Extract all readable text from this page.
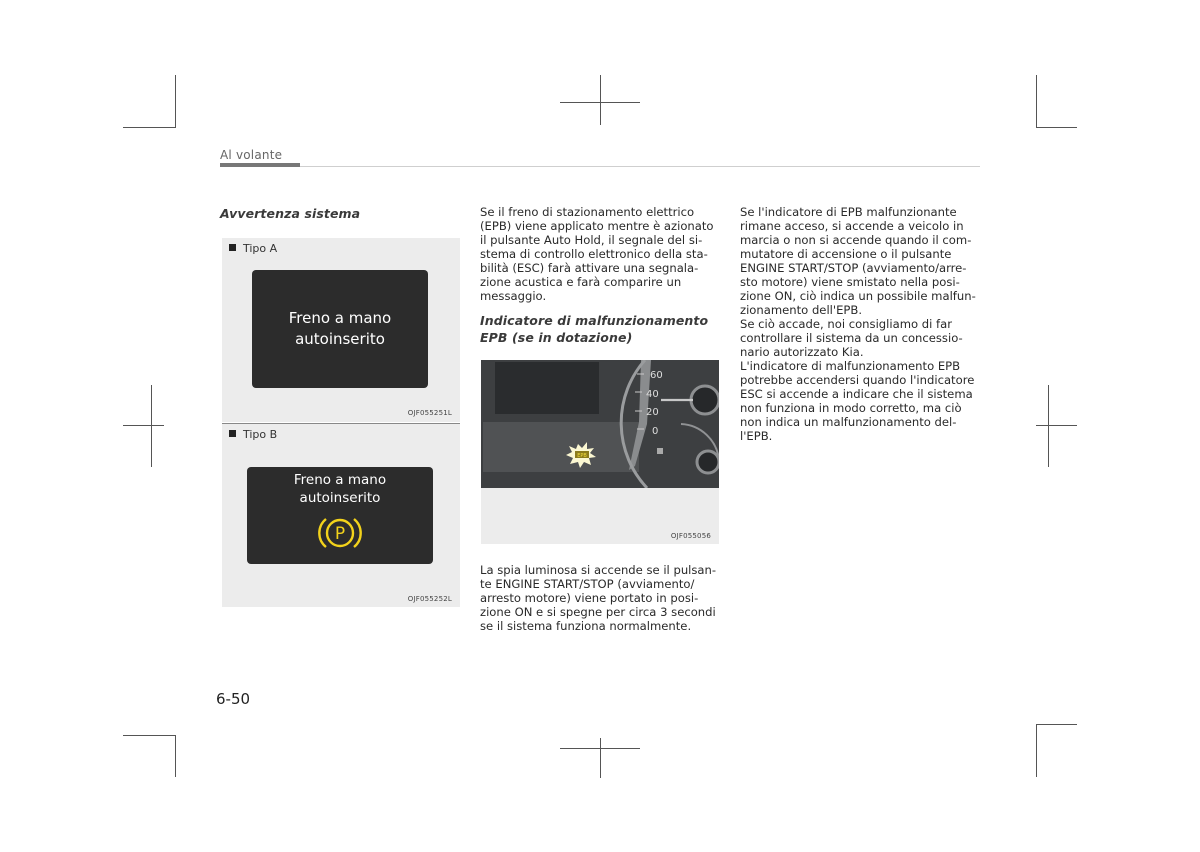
Al volante
Avvertenza sistema
Tipo A
Freno a mano
autoinserito
OJF055251L
Tipo B
Freno a mano
autoinserito
P
OJF055252L

Se il freno di stazionamento elettrico
(EPB) viene applicato mentre è azionato
il pulsante Auto Hold, il segnale del si-
stema di controllo elettronico della sta-
bilità (ESC) farà attivare una segnala-
zione acustica e farà comparire un
messaggio.

Indicatore di malfunzionamento
EPB (se in dotazione)
60
40
20
0
EPB
OJF055056

La spia luminosa si accende se il pulsan-
te ENGINE START/STOP (avviamento/
arresto motore) viene portato in posi-
zione ON e si spegne per circa 3 secondi
se il sistema funziona normalmente.

Se l'indicatore di EPB malfunzionante
rimane acceso, si accende a veicolo in
marcia o non si accende quando il com-
mutatore di accensione o il pulsante
ENGINE START/STOP (avviamento/arre-
sto motore) viene smistato nella posi-
zione ON, ciò indica un possibile malfun-
zionamento dell'EPB.

Se ciò accade, noi consigliamo di far
controllare il sistema da un concessio-
nario autorizzato Kia.

L'indicatore di malfunzionamento EPB
potrebbe accendersi quando l'indicatore
ESC si accende a indicare che il sistema
non funziona in modo corretto, ma ciò
non indica un malfunzionamento del-
l'EPB.

6-50
